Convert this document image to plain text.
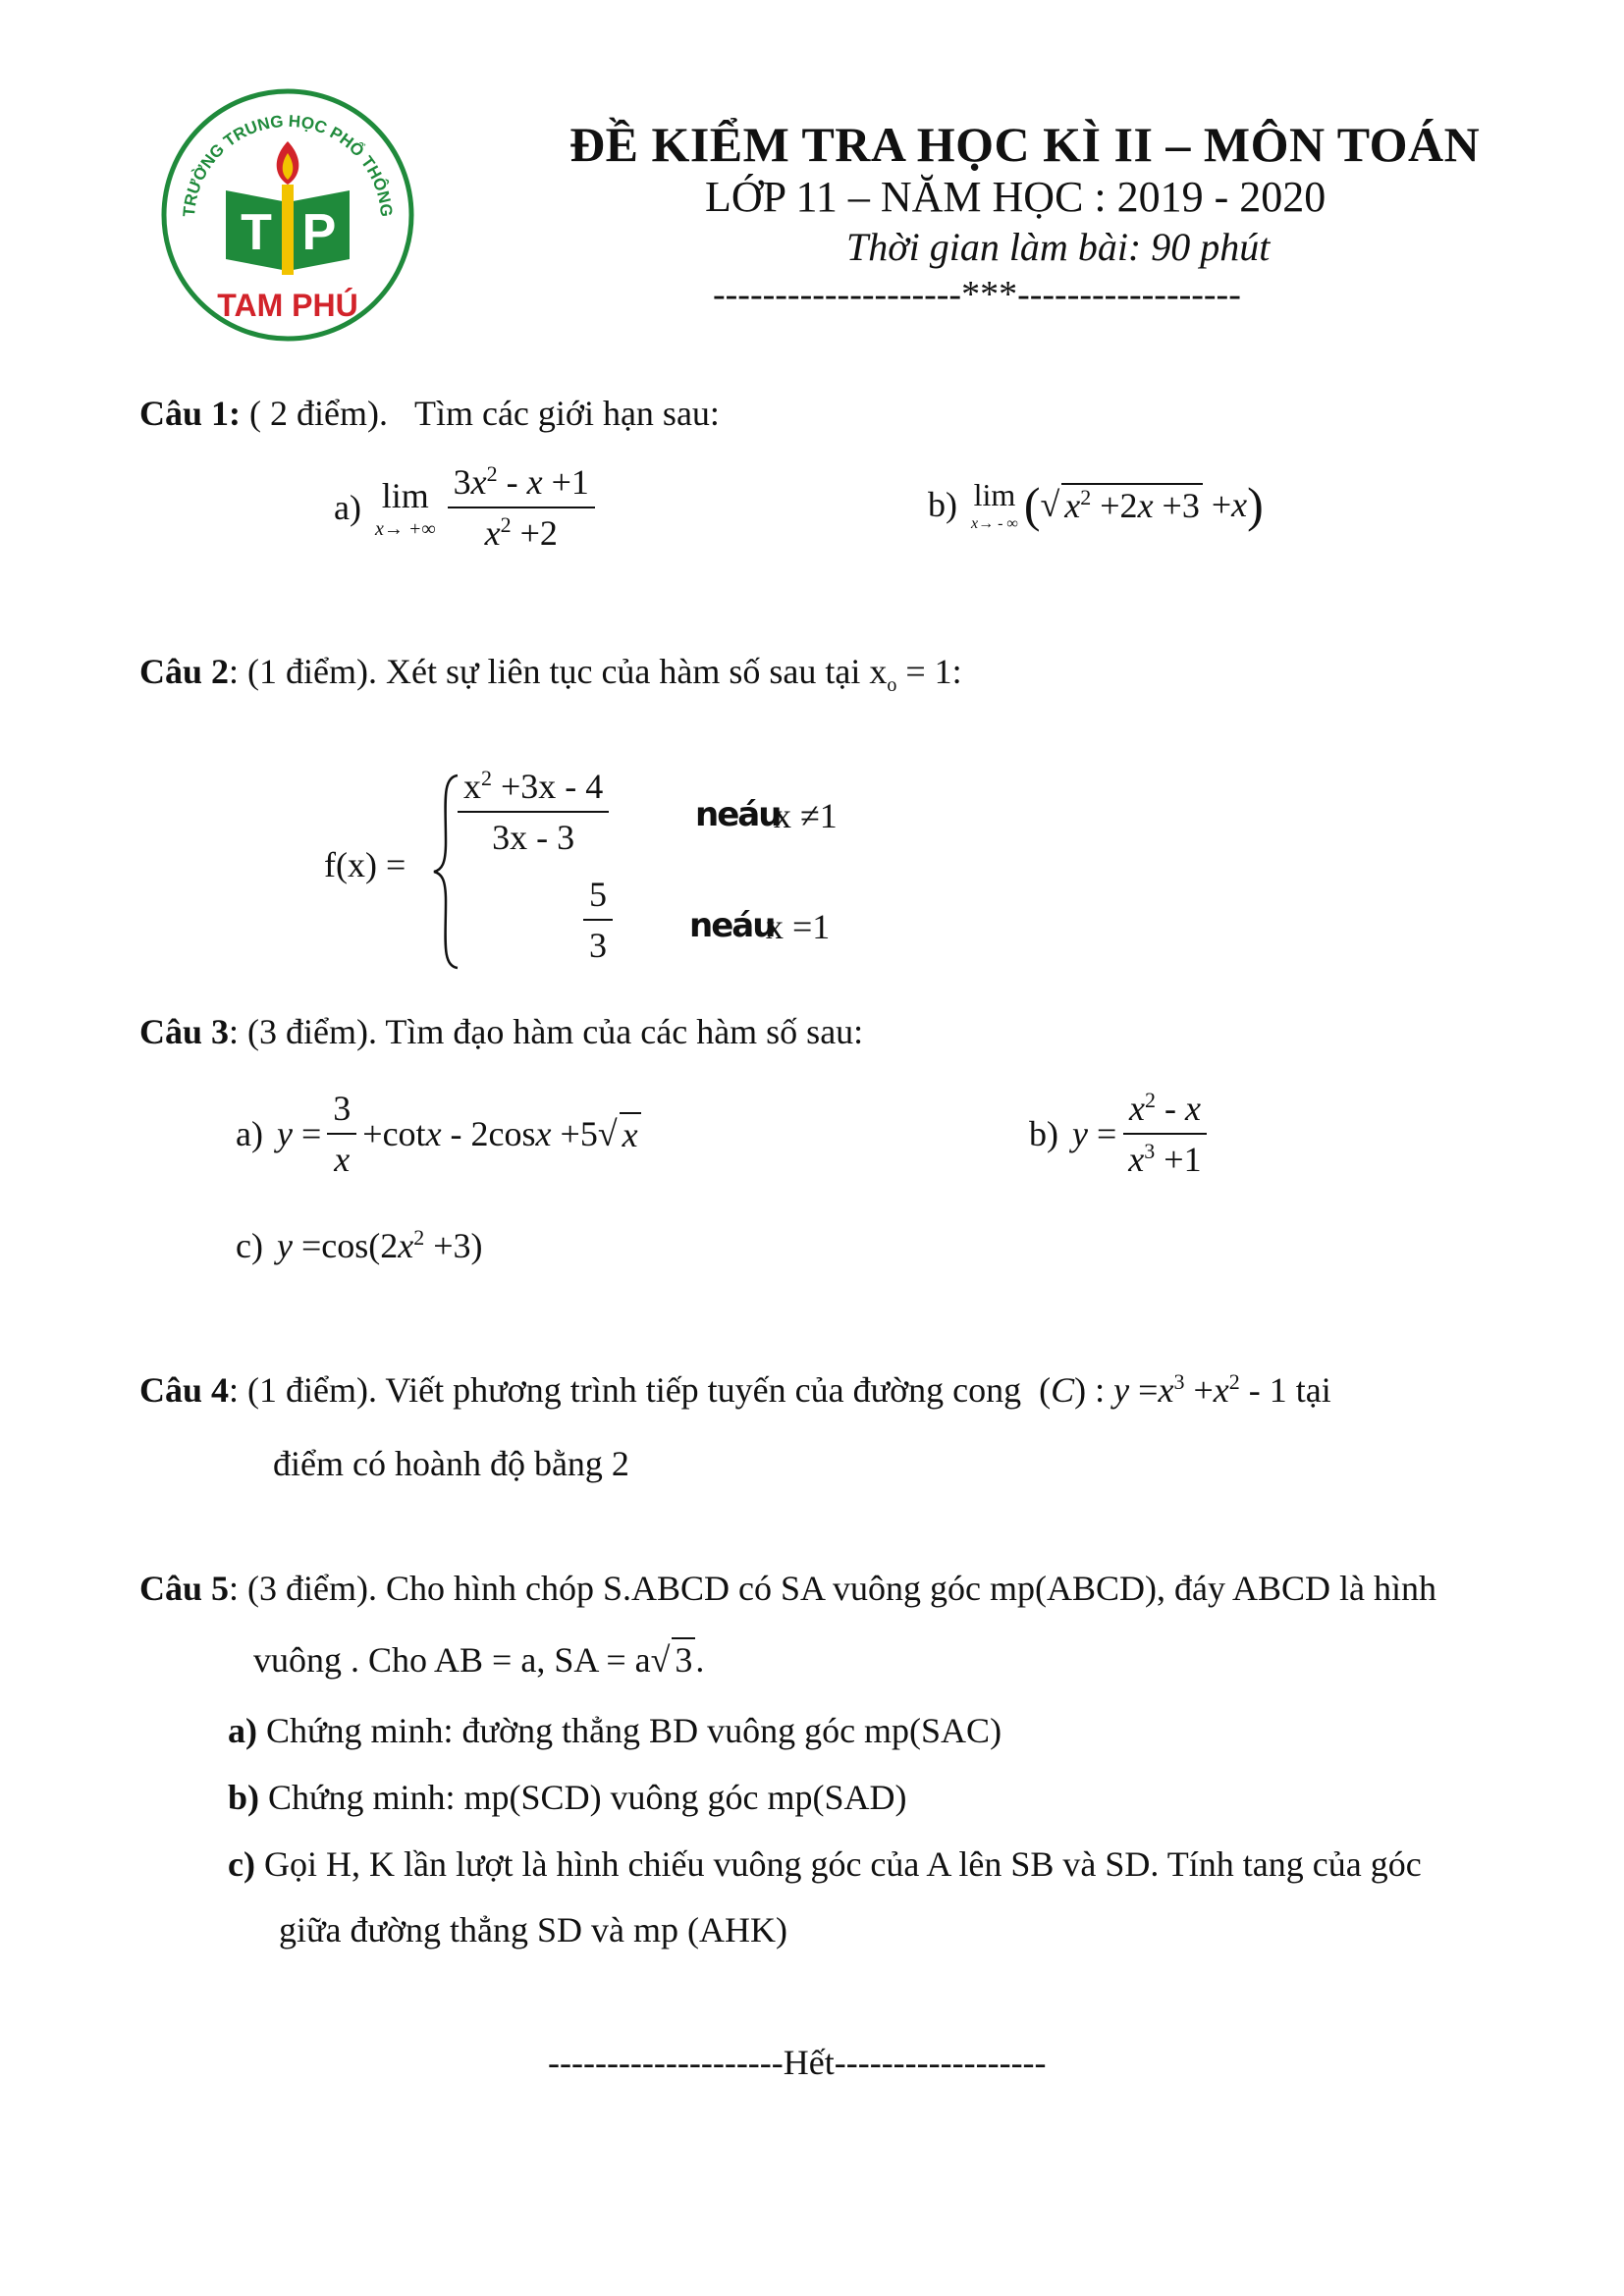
TRƯỜNG TRUNG HỌC PHỔ THÔNG
T P
TAM PHÚ
ĐỀ KIỂM TRA HỌC KÌ II – MÔN TOÁN
LỚP 11 – NĂM HỌC : 2019 - 2020
Thời gian làm bài: 90 phút
--------------------***------------------
Câu 1: ( 2 điểm). Tìm các giới hạn sau:
a) lim
x→ +∞ $\frac{3x^2 - x +1}{x^2 +2}$	b) lim
x→ - ∞ ( √ $x^2 +2x +3 + x$ )
Câu 2: (1 điểm). Xét sự liên tục của hàm số sau tại $x_o = 1$:
f(x) =
$\frac{x^2 +3x - 4}{3x - 3}$	neáu
x ≠1
$\frac{5}{3}$ neáu
x =1
Câu 3: (3 điểm). Tìm đạo hàm của các hàm số sau:
a) $y = \frac{3}{x} +\cot$ x - 2cos x +5√ x	b) $y = \frac{x^2 - x}{x^3 +1}$
c) $y =\cos(2x^2 +3)$
Câu 4: (1 điểm). Viết phương trình tiếp tuyến của đường cong (C) : $y =x^3 +x^2 - 1$ tại
điểm có hoành độ bằng 2
Câu 5: (3 điểm). Cho hình chóp S.ABCD có SA vuông góc mp(ABCD), đáy ABCD là hình
vuông . Cho AB = a, SA = a√ 3.
a) Chứng minh: đường thẳng BD vuông góc mp(SAC)
b) Chứng minh: mp(SCD) vuông góc mp(SAD)
c) Gọi H, K lần lượt là hình chiếu vuông góc của A lên SB và SD. Tính tang của góc
giữa đường thẳng SD và mp (AHK)
--------------------Hết------------------
